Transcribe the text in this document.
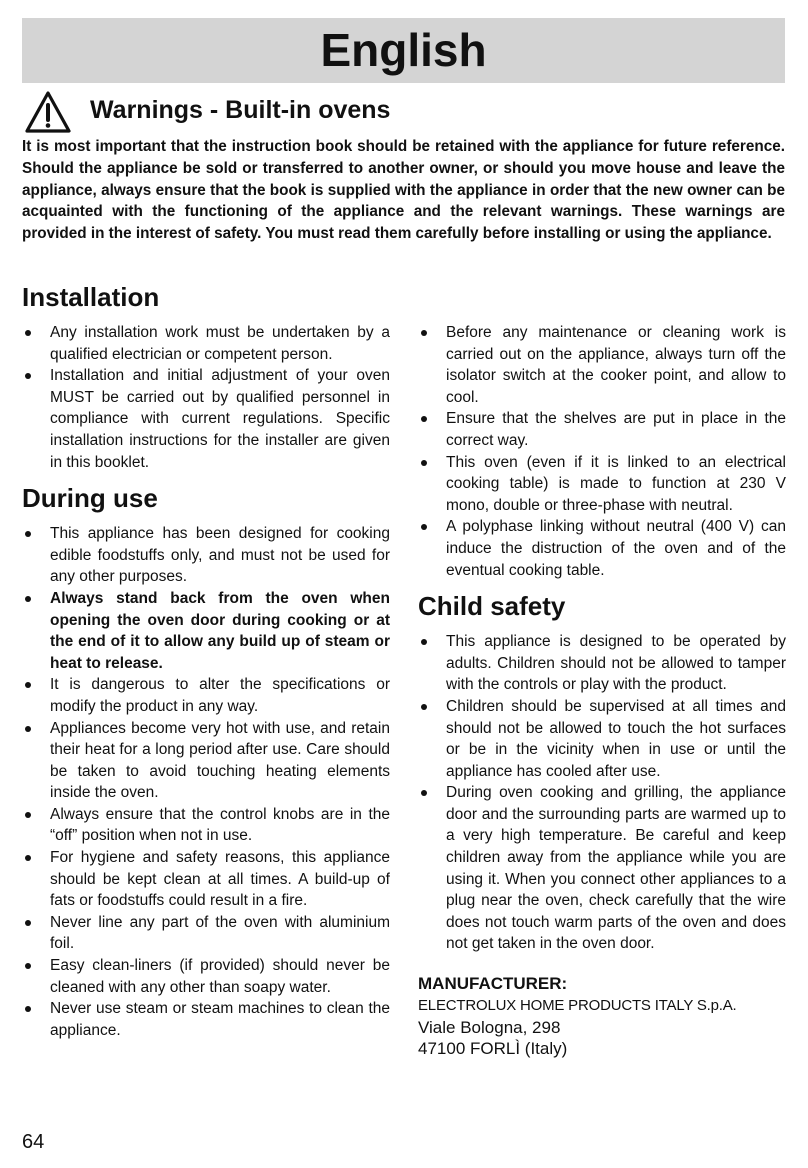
English
Warnings - Built-in ovens

It is most important that the instruction book should be retained with the appliance for future reference. Should the appliance be sold or transferred to another owner, or should you move house and leave the appliance, always ensure that the book is supplied with the appliance in order that the new owner can be acquainted with the functioning of the appliance and the relevant warnings. These warnings are provided in the interest of safety. You must read them carefully before installing or using the appliance.

Installation
Any installation work must be undertaken by a qualified electrician or competent person.
Installation and initial adjustment of your oven MUST be carried out by qualified personnel in compliance with current regulations. Specific installation instructions for the installer are given in this booklet.
During use
This appliance has been designed for cooking edible foodstuffs only, and must not be used for any other purposes.
Always stand back from the oven when opening the oven door during cooking or at the end of it to allow any build up of steam or heat to release.
It is dangerous to alter the specifications or modify the product in any way.
Appliances become very hot with use, and retain their heat for a long period after use. Care should be taken to avoid touching heating elements inside the oven.
Always ensure that the control knobs are in the “off” position when not in use.
For hygiene and safety reasons, this appliance should be kept clean at all times. A build-up of fats or foodstuffs could result in a fire.
Never line any part of the oven with aluminium foil.
Easy clean-liners (if provided) should never be cleaned with any other than soapy water.
Never use steam or steam machines to clean the appliance.
Before any maintenance or cleaning work is carried out on the appliance, always turn off the isolator switch at the cooker point, and allow to cool.
Ensure that the shelves are put in place in the correct way.
This oven (even if it is linked to an electrical cooking table) is made to function at 230 V mono, double or three-phase with neutral.
A polyphase linking without neutral (400 V) can induce the distruction of the oven and of the eventual cooking table.
Child safety
This appliance is designed to be operated by adults. Children should not be allowed to tamper with the controls or play with the product.
Children should be supervised at all times and should not be allowed to touch the hot surfaces or be in the vicinity when in use or until the appliance has cooled after use.
During oven cooking and grilling, the appliance door and the surrounding parts are warmed up to a very high temperature. Be careful and keep children away from the appliance while you are using it. When you connect other appliances to a plug near the oven, check carefully that the wire does not touch warm parts of the oven and does not get taken in the oven door.

MANUFACTURER:

ELECTROLUX HOME PRODUCTS ITALY S.p.A.

Viale Bologna, 298

47100 FORLÌ (Italy)

64
